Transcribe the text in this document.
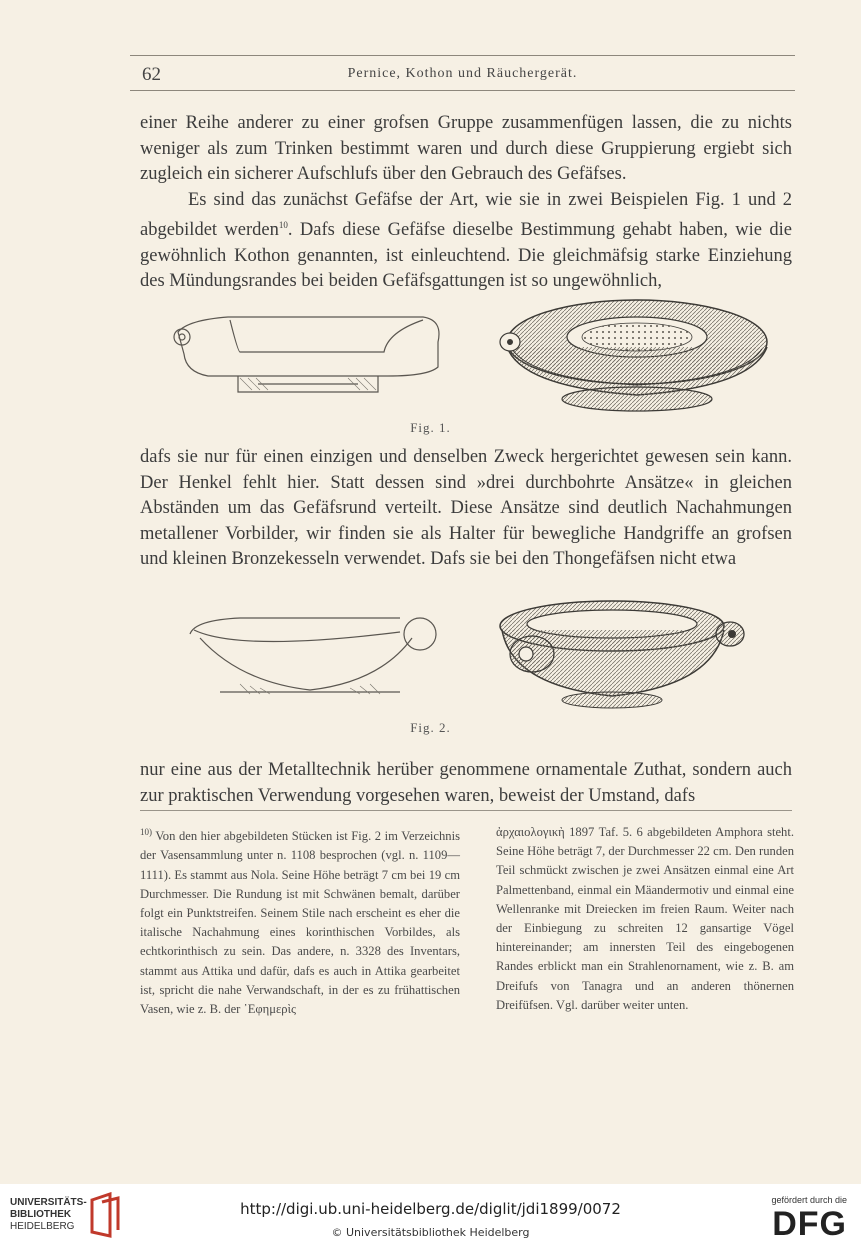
62	Pernice, Kothon und Räuchergerät.

einer Reihe anderer zu einer grofsen Gruppe zusammenfügen lassen, die zu nichts weniger als zum Trinken bestimmt waren und durch diese Gruppierung ergiebt sich zugleich ein sicherer Aufschlufs über den Gebrauch des Gefäfses.
Es sind das zunächst Gefäfse der Art, wie sie in zwei Beispielen Fig. 1 und 2 abgebildet werden$^{10}$. Dafs diese Gefäfse dieselbe Bestimmung gehabt haben, wie die gewöhnlich Kothon genannten, ist einleuchtend. Die gleichmäfsig starke Einziehung des Mündungsrandes bei beiden Gefäfsgattungen ist so ungewöhnlich,

Fig. 1.

dafs sie nur für einen einzigen und denselben Zweck hergerichtet gewesen sein kann. Der Henkel fehlt hier. Statt dessen sind »drei durchbohrte Ansätze« in gleichen Abständen um das Gefäfsrund verteilt. Diese Ansätze sind deutlich Nachahmungen metallener Vorbilder, wir finden sie als Halter für bewegliche Handgriffe an grofsen und kleinen Bronzekesseln verwendet. Dafs sie bei den Thongefäfsen nicht etwa

Fig. 2.

nur eine aus der Metalltechnik herüber genommene ornamentale Zuthat, sondern auch zur praktischen Verwendung vorgesehen waren, beweist der Umstand, dafs

$^{10)}$ Von den hier abgebildeten Stücken ist Fig. 2 im Verzeichnis der Vasensammlung unter n. 1108 besprochen (vgl. n. 1109—1111). Es stammt aus Nola. Seine Höhe beträgt 7 cm bei 19 cm Durchmesser. Die Rundung ist mit Schwänen bemalt, darüber folgt ein Punktstreifen. Seinem Stile nach erscheint es eher die italische Nachahmung eines korinthischen Vorbildes, als echtkorinthisch zu sein. Das andere, n. 3328 des Inventars, stammt aus Attika und dafür, dafs es auch in Attika gearbeitet ist, spricht die nahe Verwandschaft, in der es zu frühattischen Vasen, wie z. B. der ᾿Εφημερὶς

ἀρχαιολογικὴ 1897 Taf. 5. 6 abgebildeten Amphora steht. Seine Höhe beträgt 7, der Durchmesser 22 cm. Den runden Teil schmückt zwischen je zwei Ansätzen einmal eine Art Palmettenband, einmal ein Mäandermotiv und einmal eine Wellenranke mit Dreiecken im freien Raum. Weiter nach der Einbiegung zu schreiten 12 gansartige Vögel hintereinander; am innersten Teil des eingebogenen Randes erblickt man ein Strahlenornament, wie z. B. am Dreifufs von Tanagra und an anderen thönernen Dreifüfsen. Vgl. darüber weiter unten.

UNIVERSITÄTS-
BIBLIOTHEK
HEIDELBERG
http://digi.ub.uni-heidelberg.de/diglit/jdi1899/0072
© Universitätsbibliothek Heidelberg
gefördert durch die
DFG
